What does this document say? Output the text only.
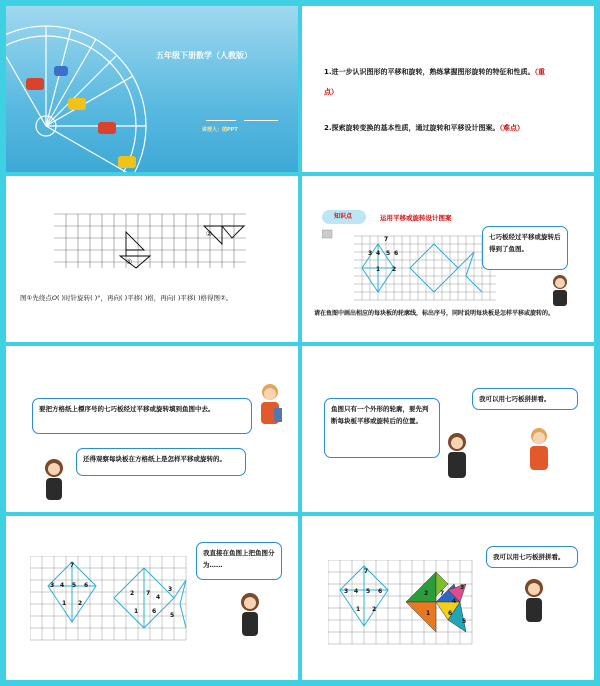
五年级下册数学（人教版）
讲授人：图PPT
1.进一步认识图形的平移和旋转，熟练掌握图形旋转的特征和性质。（重
点）
2.探索旋转变换的基本性质，通过旋转和平移设计图案。（难点）
①
②
图①先绕点O( )时针旋转( )°，再向( )平移( )格，再向( )平移( )格得图②。
知识点	运用平移或旋转设计图案
7
3 4 5 6
1 2
七巧板经过平移或旋转后得到了鱼图。
请在鱼图中画出相应的每块板的轮廓线，标出序号，同时说明每块板是怎样平移或旋转的。
要把方格纸上標序号的七巧板经过平移或旋转填到鱼图中去。
还得观察每块板在方格纸上是怎样平移或旋转的。
鱼图只有一个外形的轮廓，要先判断每块板平移或旋转后的位置。
我可以用七巧板拼拼看。
7
3 4 5 6
1 2
2 7
4
3
1 6
5
我直接在鱼图上把鱼图分为……
7
3 4 5 6
1 2
2 7
3
4
1	6
5
我可以用七巧板拼拼看。
